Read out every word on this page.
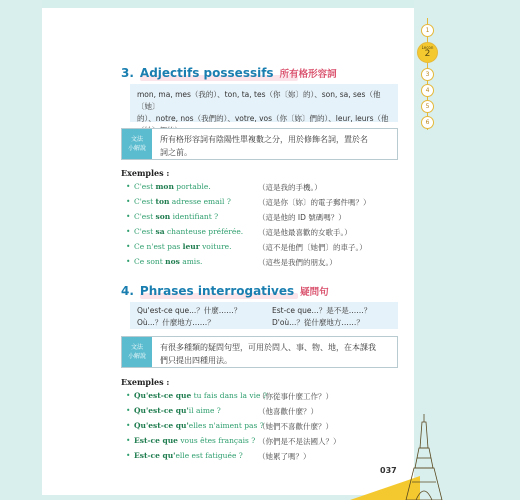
1
Leçon
2
3
4
5
6
3. Adjectifs possessifs 所有格形容詞
mon, ma, mes（我的）、ton, ta, tes（你〔妳〕的）、son, sa, ses（他〔她〕
的）、notre, nos（我們的）、votre, vos（你〔妳〕們的）、leur, leurs（他
文法
小解說
所有格形容詞有陰陽性單複數之分，用於修飾名詞，置於名
詞之前。
Exemples :
• C'est mon portable.	（這是我的手機。）
• C'est ton adresse email ?	（這是你〔妳〕的電子郵件嗎？）
• C'est son identifiant ?	（這是他的 ID 號碼嗎？）
• C'est sa chanteuse préférée. （這是他最喜歡的女歌手。）
• Ce n'est pas leur voiture.	（這不是他們〔她們〕的車子。）
• Ce sont nos amis.	（這些是我們的朋友。）
4. Phrases interrogatives 疑問句
Qu'est-ce que...？什麼……？	Est-ce que...？是不是……？
Où...？什麼地方……？	D'où...？從什麼地方……？
文法
小解說
有很多種類的疑問句型，可用於問人、事、物、地，在本課我
們只提出四種用法。
Exemples :
• Qu'est-ce que tu fais dans la vie ?
（你從事什麼工作？）
• Qu'est-ce qu'il aime ?	（他喜歡什麼？）
• Qu'est-ce qu'elles n'aiment pas ?
（她們不喜歡什麼？）
• Est-ce que vous êtes français ? （你們是不是法國人？）
• Est-ce qu'elle est fatiguée ? （她累了嗎？）
037
